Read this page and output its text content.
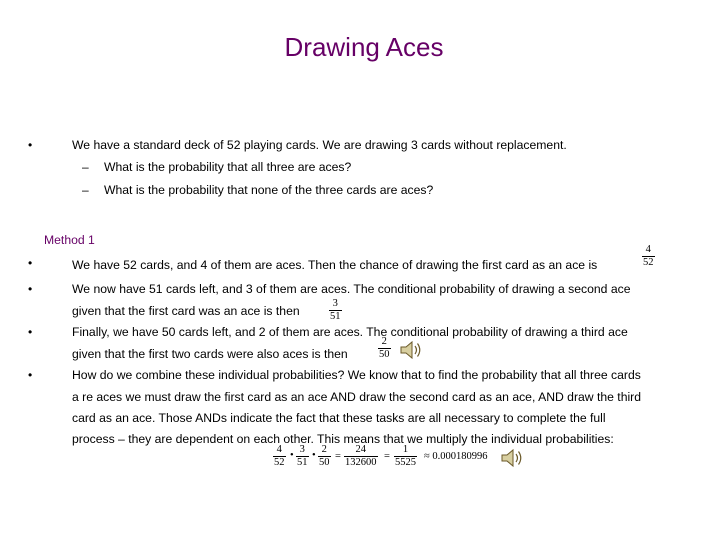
Drawing Aces
•	We have a standard deck of 52 playing cards. We are drawing 3 cards without replacement.
– What is the probability that all three are aces?
– What is the probability that none of the three cards are aces?
Method 1
•	We have 52 cards, and 4 of them are aces. Then the chance of drawing the first card as an ace is	$\frac{4}{52}$
•	We now have 51 cards left, and 3 of them are aces. The conditional probability of drawing a second ace
given that the first card was an ace is then	$\frac{3}{51}$
•	Finally, we have 50 cards left, and 2 of them are aces. The conditional probability of drawing a third ace
given that the first two cards were also aces is then	$\frac{2}{50}$
•	How do we combine these individual probabilities? We know that to find the probability that all three cards
a re aces we must draw the first card as an ace AND draw the second card as an ace, AND draw the third
card as an ace. Those ANDs indicate the fact that these tasks are all necessary to complete the full
process – they are dependent on each other. This means that we multiply the individual probabilities:
$\frac{4}{52}$ • $\frac{3}{51}$ • $\frac{2}{50} = \frac{24}{132600} = \frac{1}{5525} \approx 0.000180996$
